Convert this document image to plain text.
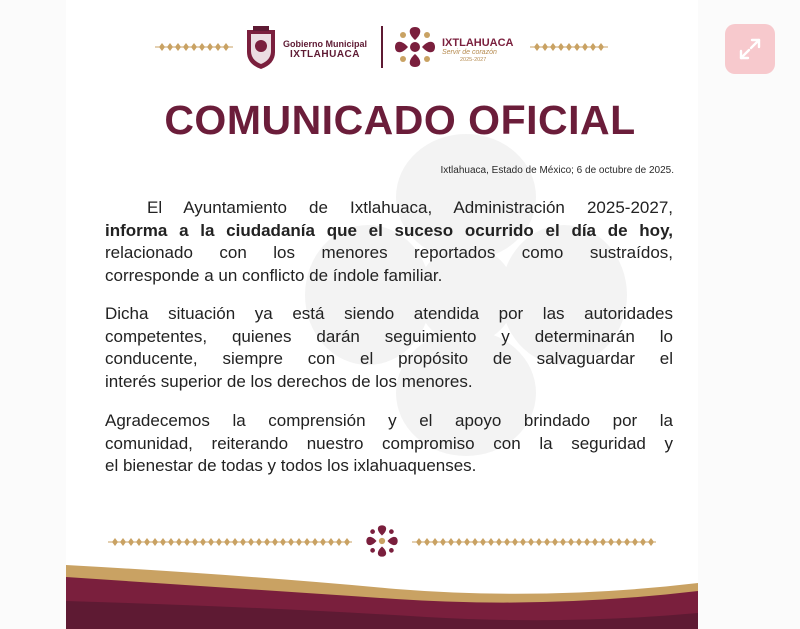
Gobierno Municipal
IXTLAHUACA
IXTLAHUACA
Servir de corazón
2025-2027
COMUNICADO OFICIAL
Ixtlahuaca, Estado de México; 6 de octubre de 2025.
El Ayuntamiento de Ixtlahuaca, Administración 2025-2027,
informa a la ciudadanía que el suceso ocurrido el día de hoy,
relacionado con los menores reportados como sustraídos,
corresponde a un conflicto de índole familiar.
Dicha situación ya está siendo atendida por las autoridades
competentes, quienes darán seguimiento y determinarán lo
conducente, siempre con el propósito de salvaguardar el
interés superior de los derechos de los menores.
Agradecemos la comprensión y el apoyo brindado por la
comunidad, reiterando nuestro compromiso con la seguridad y
el bienestar de todas y todos los ixlahuaquenses.
